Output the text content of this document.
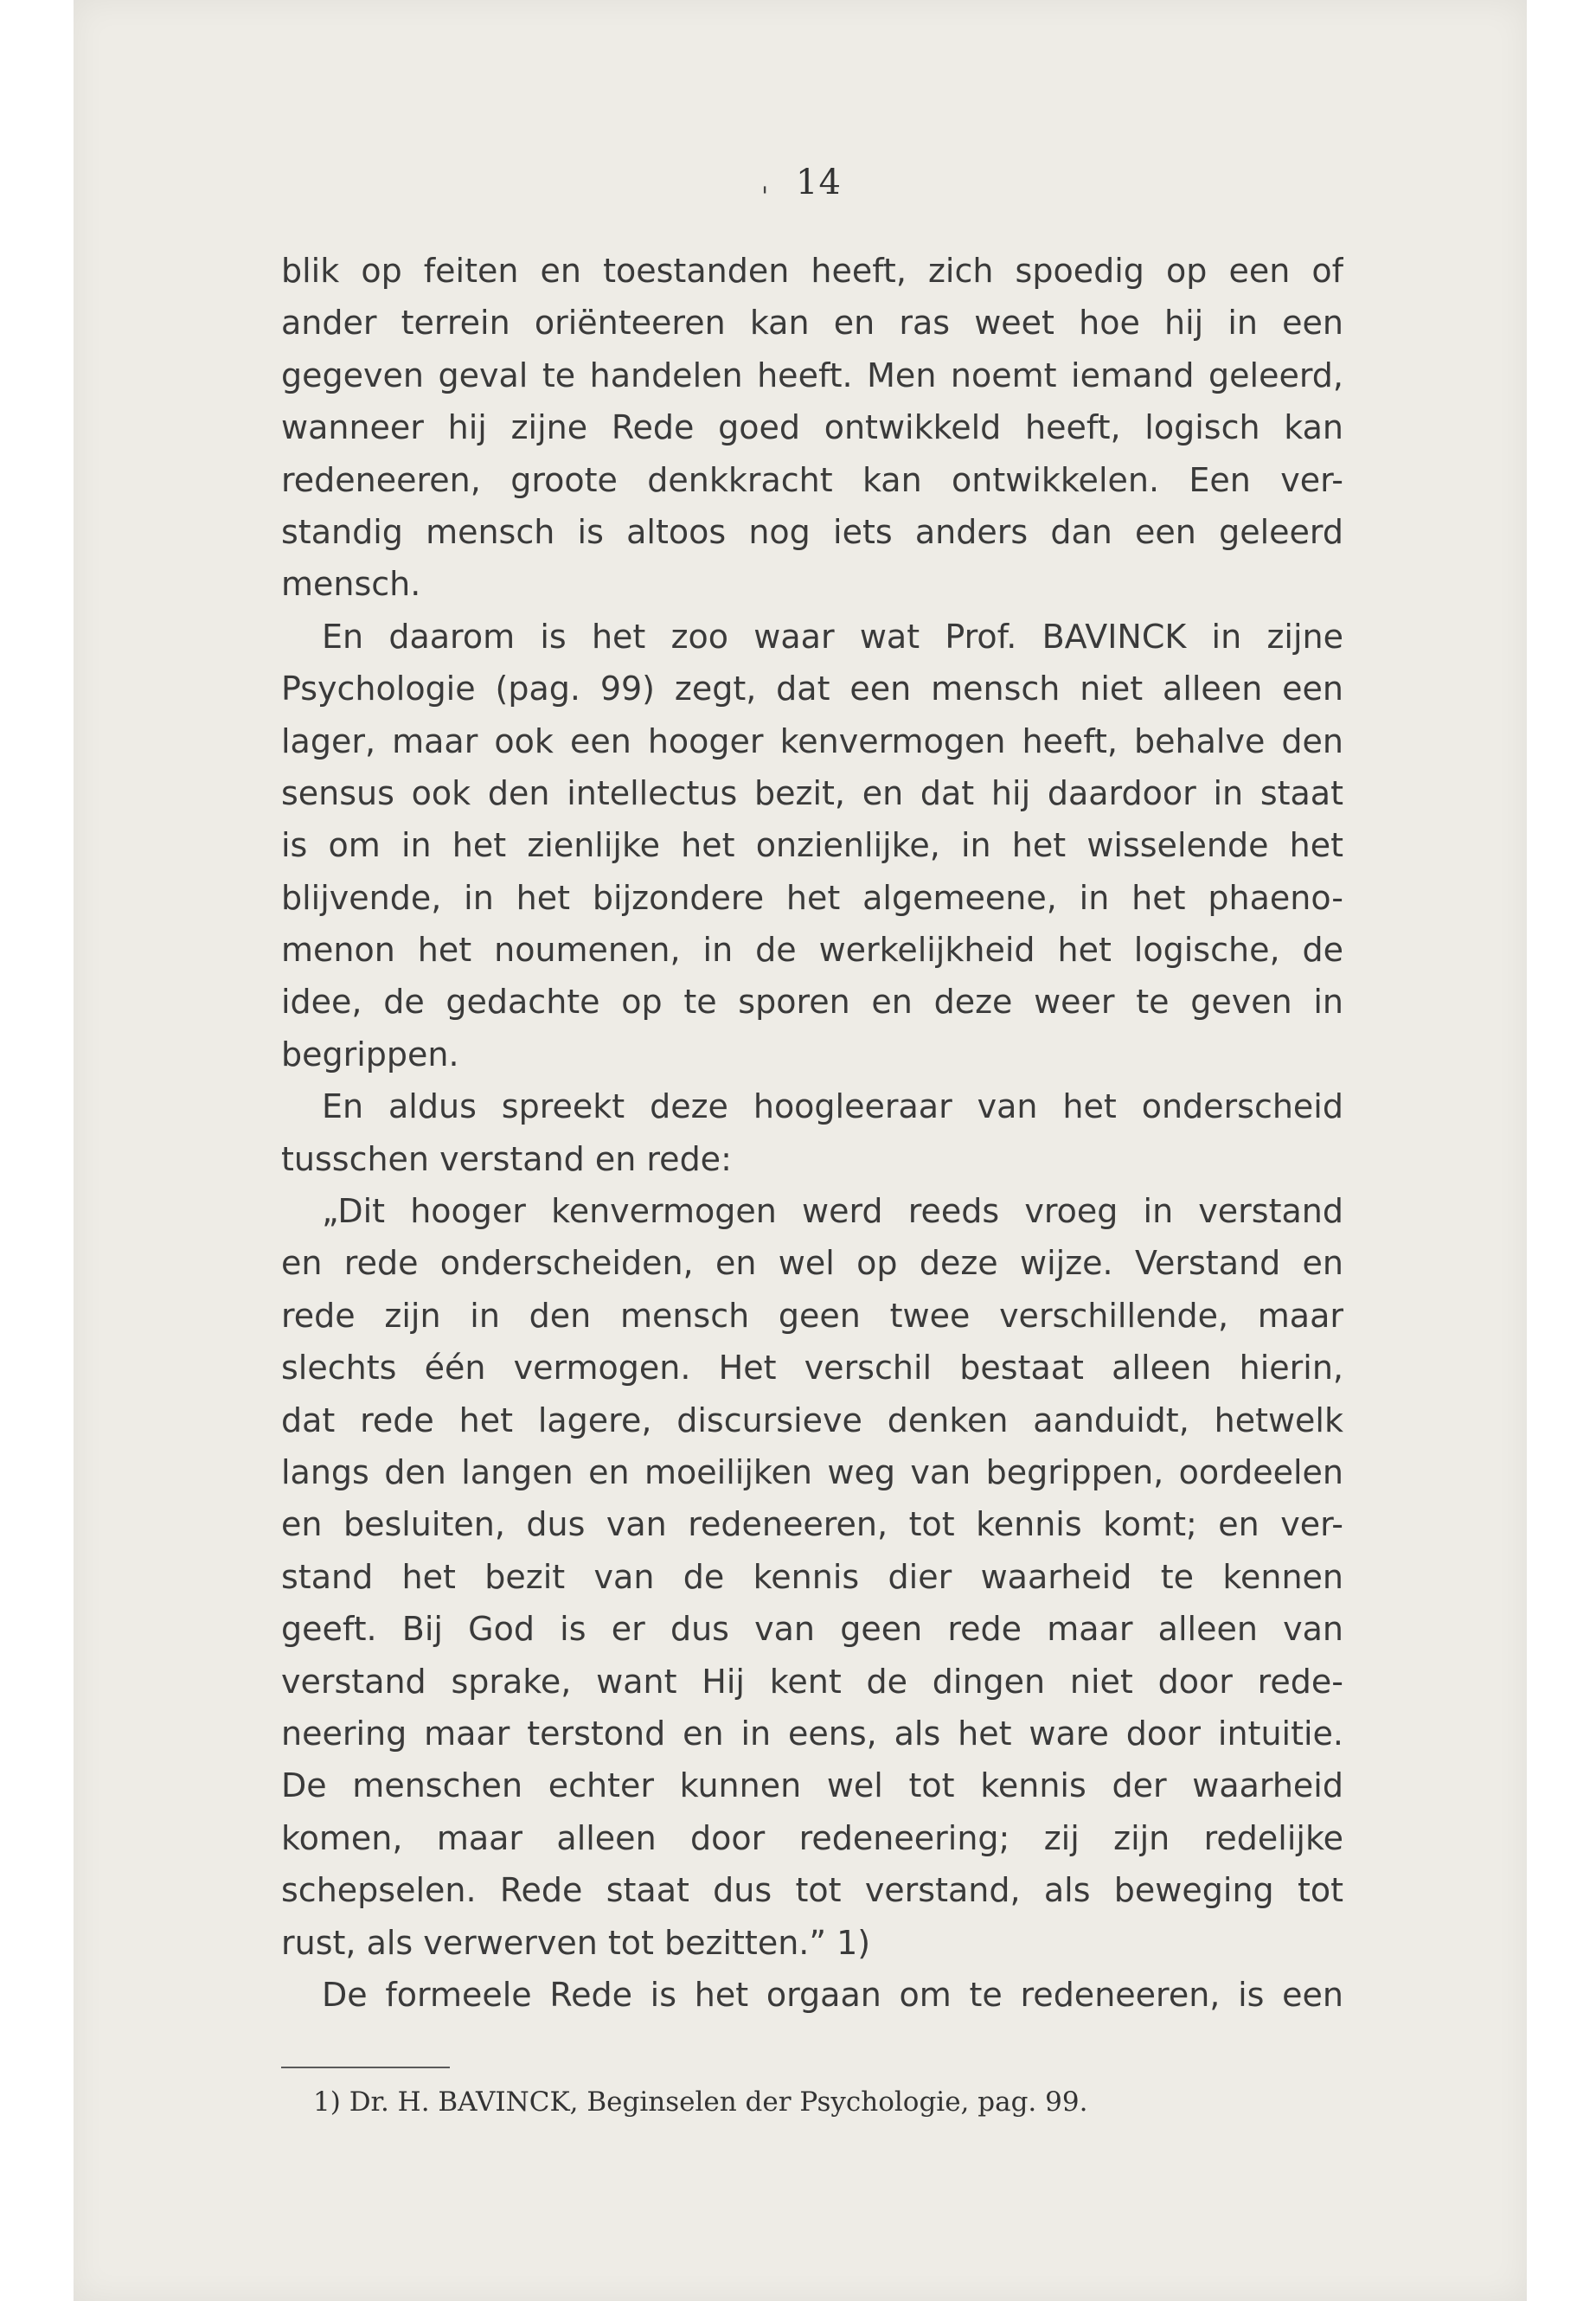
' 14
blik op feiten en toestanden heeft, zich spoedig op een of
ander terrein oriënteeren kan en ras weet hoe hij in een
gegeven geval te handelen heeft. Men noemt iemand geleerd,
wanneer hij zijne Rede goed ontwikkeld heeft, logisch kan
redeneeren, groote denkkracht kan ontwikkelen. Een ver-
standig mensch is altoos nog iets anders dan een geleerd
mensch.
En daarom is het zoo waar wat Prof. BAVINCK in zijne
Psychologie (pag. 99) zegt, dat een mensch niet alleen een
lager, maar ook een hooger kenvermogen heeft, behalve den
sensus ook den intellectus bezit, en dat hij daardoor in staat
is om in het zienlijke het onzienlijke, in het wisselende het
blijvende, in het bijzondere het algemeene, in het phaeno-
menon het noumenen, in de werkelijkheid het logische, de
idee, de gedachte op te sporen en deze weer te geven in
begrippen.
En aldus spreekt deze hoogleeraar van het onderscheid
tusschen verstand en rede:
„Dit hooger kenvermogen werd reeds vroeg in verstand
en rede onderscheiden, en wel op deze wijze. Verstand en
rede zijn in den mensch geen twee verschillende, maar
slechts één vermogen. Het verschil bestaat alleen hierin,
dat rede het lagere, discursieve denken aanduidt, hetwelk
langs den langen en moeilijken weg van begrippen, oordeelen
en besluiten, dus van redeneeren, tot kennis komt; en ver-
stand het bezit van de kennis dier waarheid te kennen
geeft. Bij God is er dus van geen rede maar alleen van
verstand sprake, want Hij kent de dingen niet door rede-
neering maar terstond en in eens, als het ware door intuitie.
De menschen echter kunnen wel tot kennis der waarheid
komen, maar alleen door redeneering; zij zijn redelijke
schepselen. Rede staat dus tot verstand, als beweging tot
rust, als verwerven tot bezitten.” 1)
De formeele Rede is het orgaan om te redeneeren, is een
1) Dr. H. BAVINCK, Beginselen der Psychologie, pag. 99.
